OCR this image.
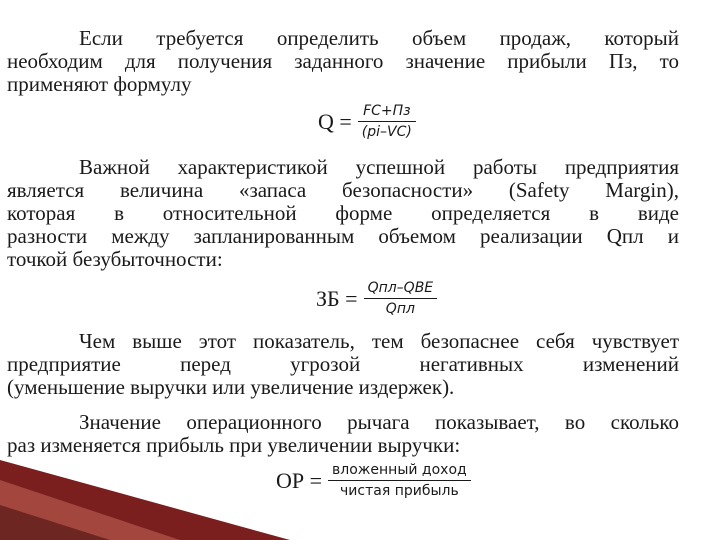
Если требуется определить объем продаж, который
необходим для получения заданного значение прибыли Пз, то
применяют формулу
$Q = \frac{FC+Пз}{(pi-VC)}$
Важной характеристикой успешной работы предприятия
является величина «запаса безопасности» (Safety Margin),
которая в относительной форме определяется в виде
разности между запланированным объемом реализации Qпл и
точкой безубыточности:
ЗБ = $\frac{\text{Qпл–QBE}}{\text{Qпл}}$
Чем выше этот показатель, тем безопаснее себя чувствует
предприятие перед угрозой негативных изменений
(уменьшение выручки или увеличение издержек).
Значение операционного рычага показывает, во сколько
раз изменяется прибыль при увеличении выручки:
ОР = $\frac{\text{вложенный доход}}{\text{чистая прибыль}}$
